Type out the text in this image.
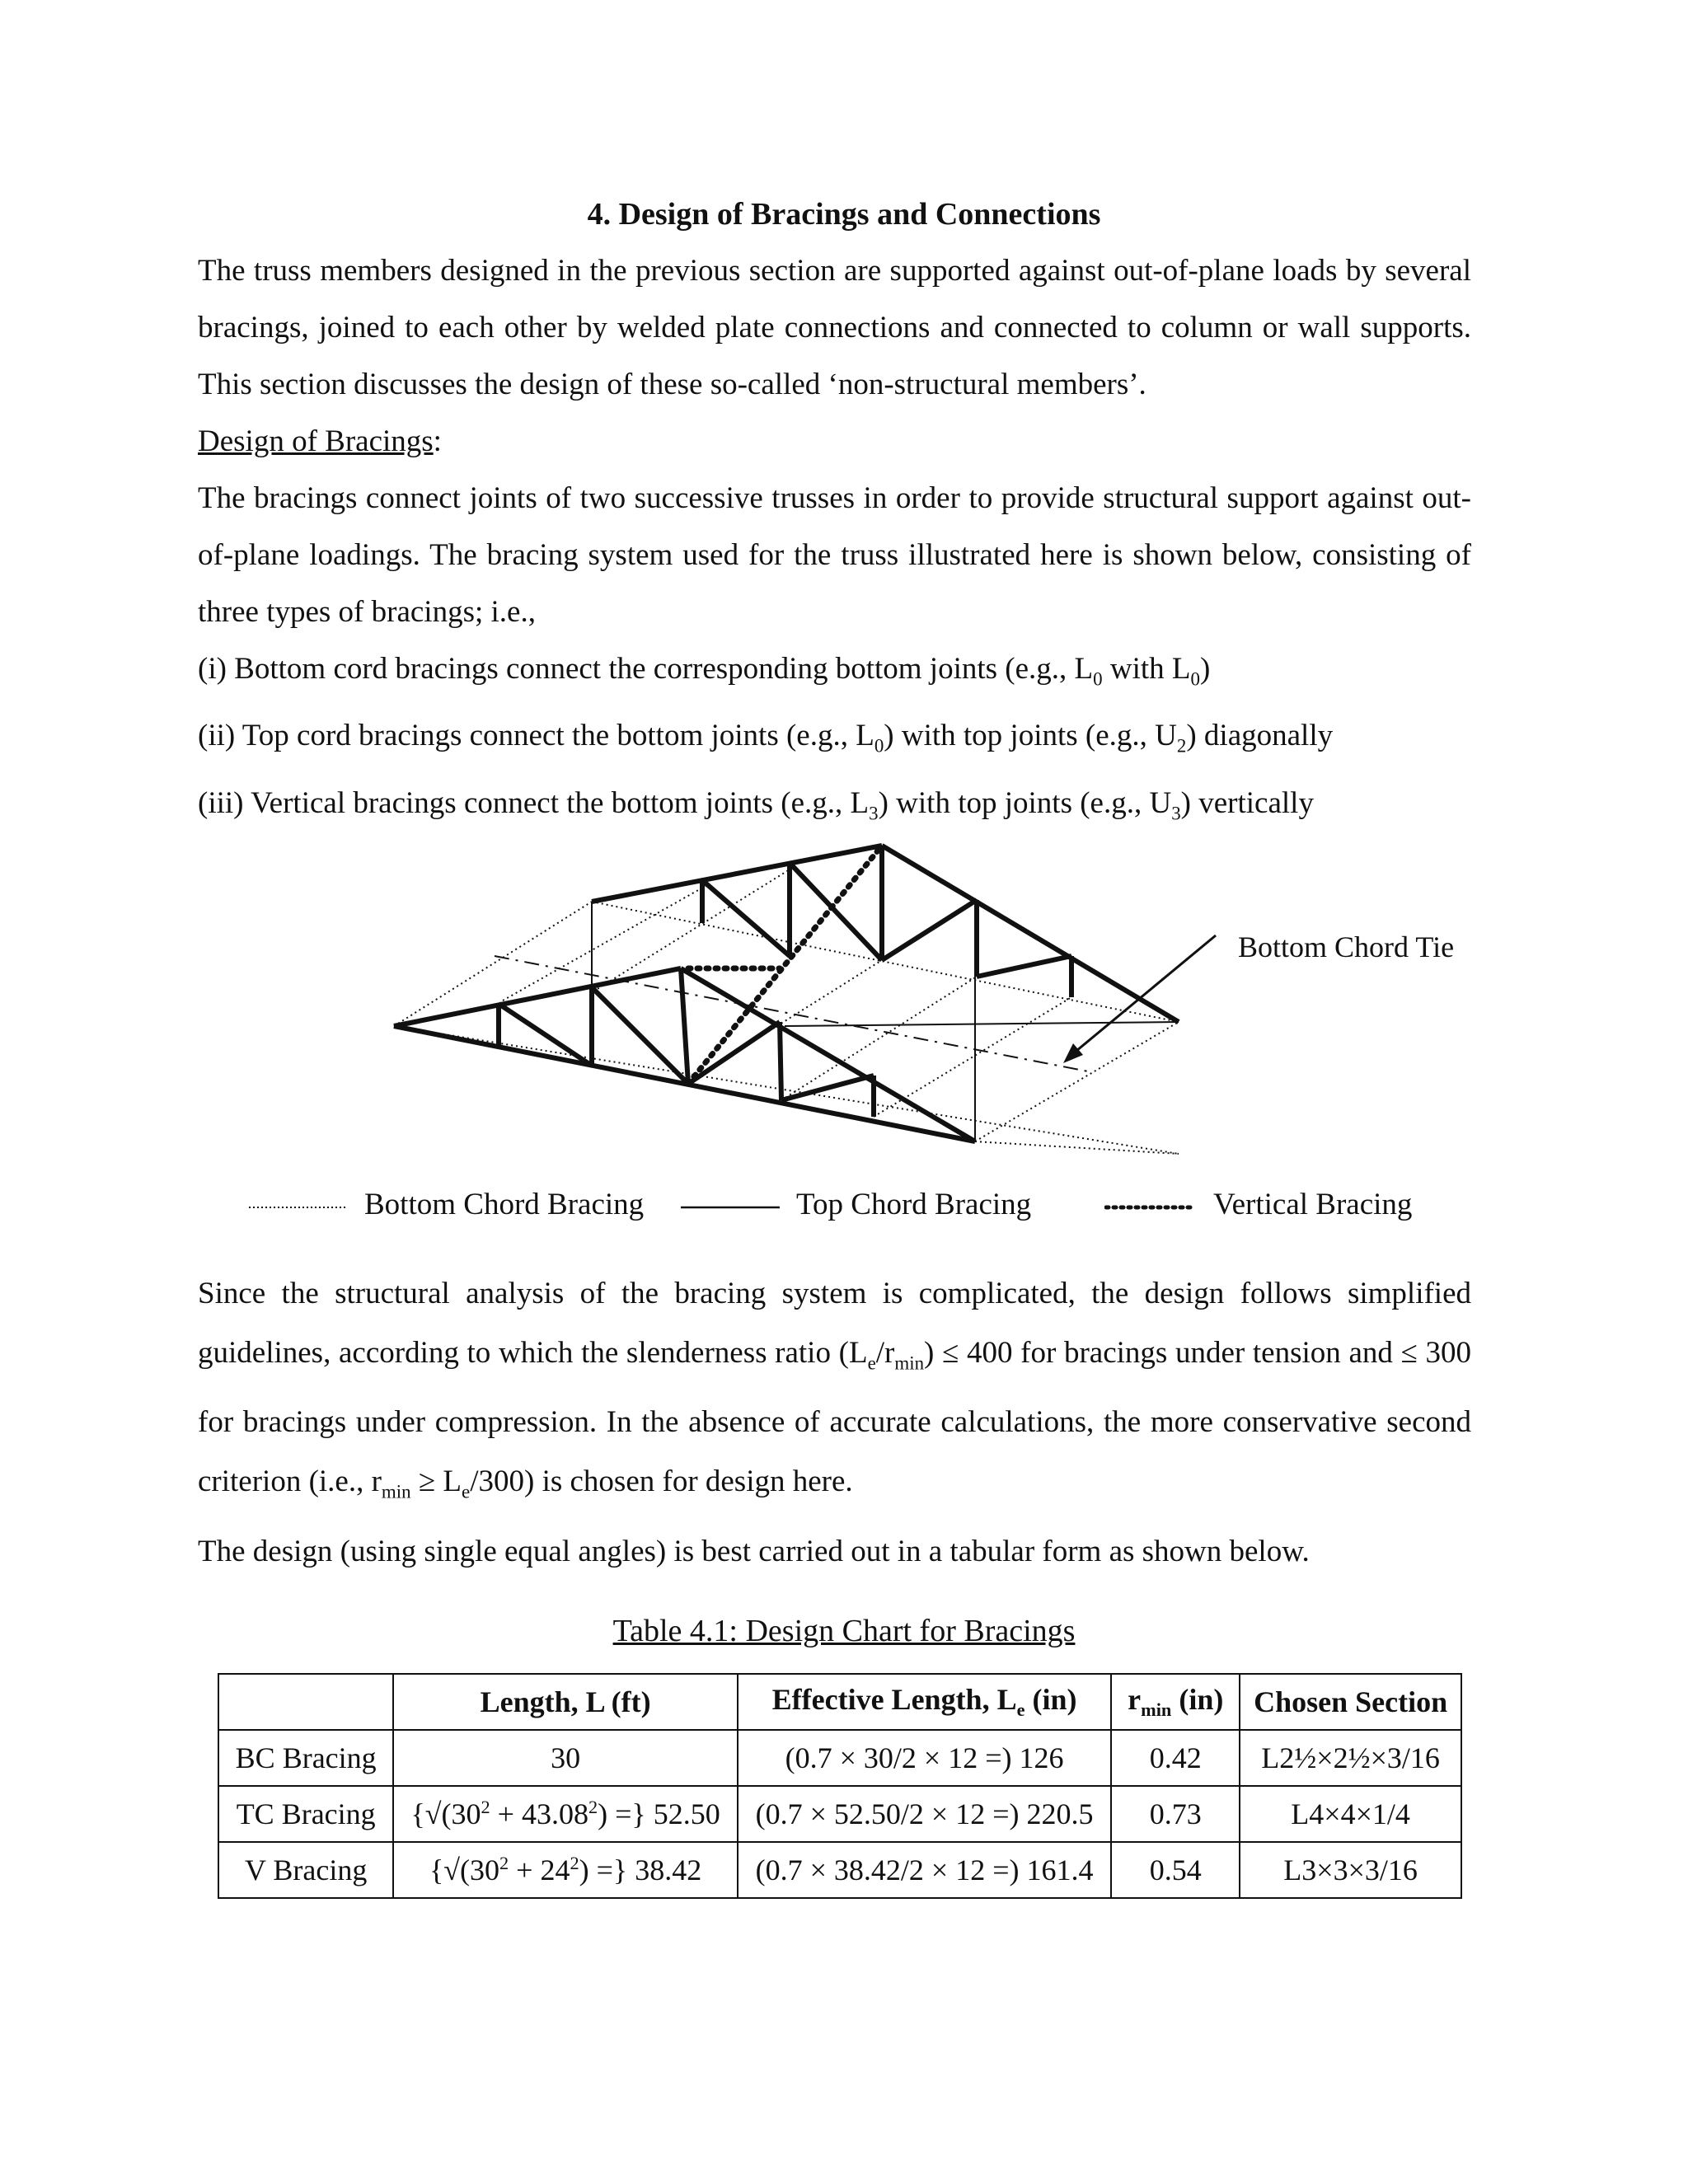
4. Design of Bracings and Connections

The truss members designed in the previous section are supported against out-of-plane loads by several bracings, joined to each other by welded plate connections and connected to column or wall supports. This section discusses the design of these so-called ‘non-structural members’.

Design of Bracings:

The bracings connect joints of two successive trusses in order to provide structural support against out-of-plane loadings. The bracing system used for the truss illustrated here is shown below, consisting of three types of bracings; i.e.,

(i) Bottom cord bracings connect the corresponding bottom joints (e.g., $L_0$ with $L_0$)

(ii) Top cord bracings connect the bottom joints (e.g., $L_0$) with top joints (e.g., $U_2$) diagonally

(iii) Vertical bracings connect the bottom joints (e.g., $L_3$) with top joints (e.g., $U_3$) vertically

Bottom Chord Tie
Bottom Chord Bracing	Top Chord Bracing	Vertical Bracing

Since the structural analysis of the bracing system is complicated, the design follows simplified guidelines, according to which the slenderness ratio $(L_e/r_{min}) \le 400$ for bracings under tension and ≤ 300 for bracings under compression. In the absence of accurate calculations, the more conservative second criterion (i.e., $r_{min} \ge L_e/300$) is chosen for design here.

The design (using single equal angles) is best carried out in a tabular form as shown below.

Table 4.1: Design Chart for Bracings
	Length, L (ft)	Effective Length, $L_e$ (in)	$r_{min}$ (in)	Chosen Section
BC Bracing	30	(0.7 × 30/2 × 12 =) 126	0.42	L2½×2½×3/16
TC Bracing	{$√(30^2 + 43.08^2)$ =} 52.50	(0.7 × 52.50/2 × 12 =) 220.5	0.73	L4×4×1/4
V Bracing	{$√(30^2 + 24^2)$ =} 38.42	(0.7 × 38.42/2 × 12 =) 161.4	0.54	L3×3×3/16
